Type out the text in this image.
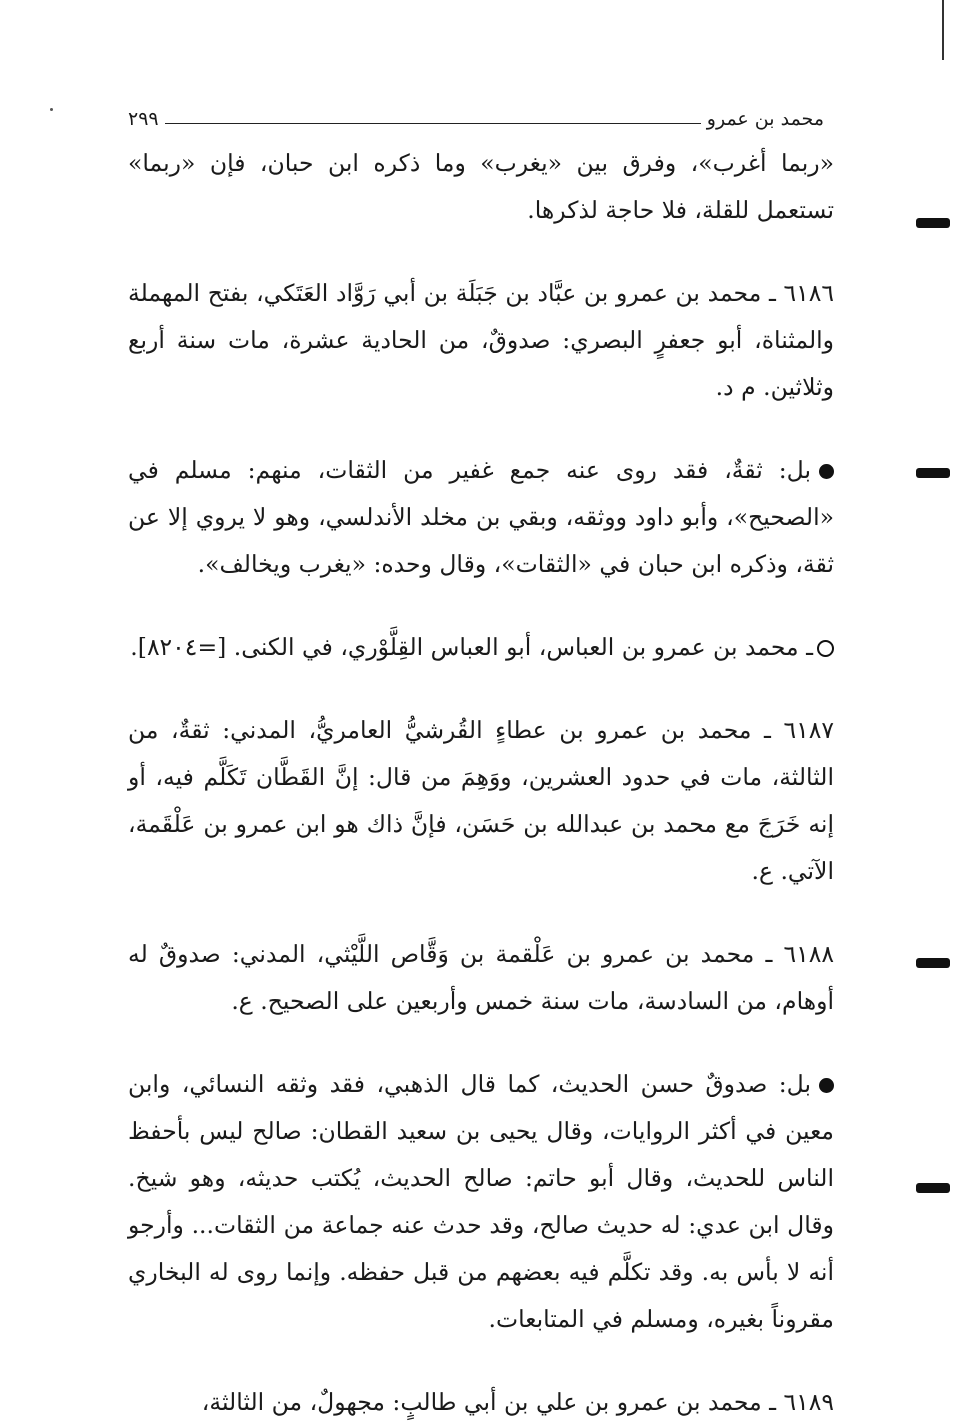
محمد بن عمرو
٢٩٩

«ربما أغرب»، وفرق بين «يغرب» وما ذكره ابن حبان، فإن «ربما» تستعمل للقلة، فلا حاجة لذكرها.

٦١٨٦ ـ محمد بن عمرو بن عبَّاد بن جَبَلَة بن أبي رَوَّاد العَتَكي، بفتح المهملة والمثناة، أبو جعفرٍ البصري: صدوقٌ، من الحادية عشرة، مات سنة أربع وثلاثين. م د.

بل: ثقةٌ، فقد روى عنه جمع غفير من الثقات، منهم: مسلم في «الصحيح»، وأبو داود ووثقه، وبقي بن مخلد الأندلسي، وهو لا يروي إلا عن ثقة، وذكره ابن حبان في «الثقات»، وقال وحده: «يغرب ويخالف».

ـ محمد بن عمرو بن العباس، أبو العباس القِلَّوْري، في الكنى. [=٨٢٠٤].

٦١٨٧ ـ محمد بن عمرو بن عطاءٍ القُرشيُّ العامريُّ، المدني: ثقةٌ، من الثالثة، مات في حدود العشرين، ووَهِمَ من قال: إنَّ القَطَّان تَكَلَّم فيه، أو إنه خَرَجَ مع محمد بن عبدالله بن حَسَن، فإنَّ ذاك هو ابن عمرو بن عَلْقَمة، الآتي. ع.

٦١٨٨ ـ محمد بن عمرو بن عَلْقمة بن وَقَّاص اللَّيْثي، المدني: صدوقٌ له أوهام، من السادسة، مات سنة خمس وأربعين على الصحيح. ع.

بل: صدوقٌ حسن الحديث، كما قال الذهبي، فقد وثقه النسائي، وابن معين في أكثر الروايات، وقال يحيى بن سعيد القطان: صالح ليس بأحفظ الناس للحديث، وقال أبو حاتم: صالح الحديث، يُكتب حديثه، وهو شيخ. وقال ابن عدي: له حديث صالح، وقد حدث عنه جماعة من الثقات... وأرجو أنه لا بأس به. وقد تكلَّم فيه بعضهم من قبل حفظه. وإنما روى له البخاري مقروناً بغيره، ومسلم في المتابعات.

٦١٨٩ ـ محمد بن عمرو بن علي بن أبي طالبٍ: مجهولٌ، من الثالثة،
